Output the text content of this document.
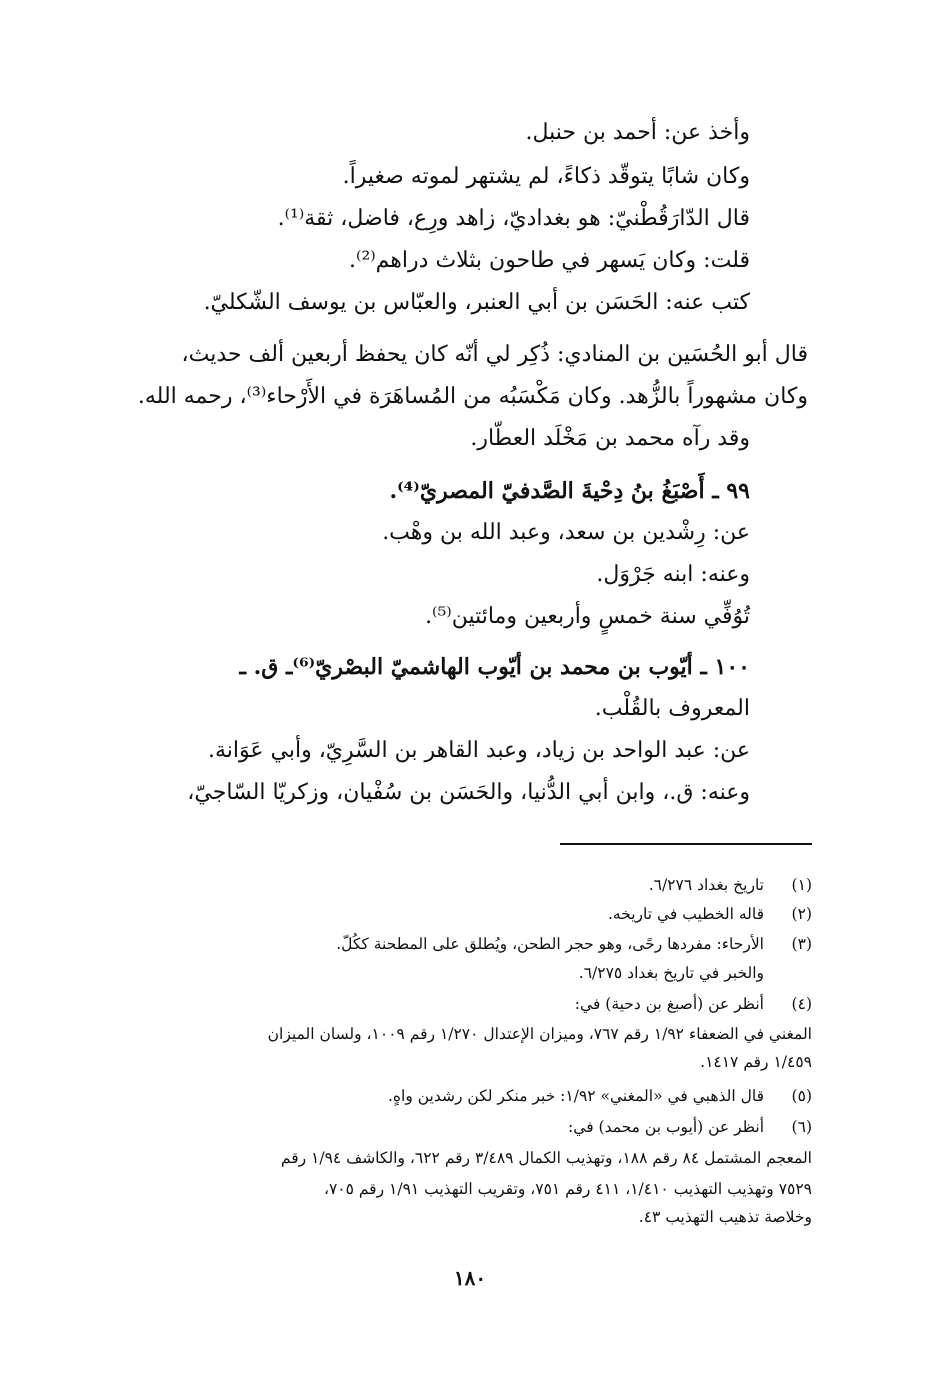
وأخذ عن: أحمد بن حنبل.
وكان شابًا يتوقّد ذكاءً، لم يشتهر لموته صغيراً.
قال الدّارَقُطْنيّ: هو بغداديّ، زاهد ورِع، فاضل، ثقة⁽¹⁾.
قلت: وكان يَسهر في طاحون بثلاث دراهم⁽²⁾.
كتب عنه: الحَسَن بن أبي العنبر، والعبّاس بن يوسف الشّكليّ.
قال أبو الحُسَين بن المنادي: ذُكِر لي أنّه كان يحفظ أربعين ألف حديث،
وكان مشهوراً بالزُّهد. وكان مَكْسَبُه من المُساهَرَة في الأَرْحاء⁽³⁾، رحمه الله.
وقد رآه محمد بن مَخْلَد العطّار.
٩٩ ـ أَصْبَغُ بنُ دِحْيةَ الصَّدفيّ المصريّ⁽⁴⁾.
عن: رِشْدين بن سعد، وعبد الله بن وهْب.
وعنه: ابنه جَرْوَل.
تُوُفِّي سنة خمسٍ وأربعين ومائتين⁽⁵⁾.
١٠٠ ـ أيّوب بن محمد بن أيّوب الهاشميّ البصْريّ⁽⁶⁾ـ ق. ـ
المعروف بالقُلْب.
عن: عبد الواحد بن زياد، وعبد القاهر بن السَّرِيّ، وأبي عَوَانة.
وعنه: ق.، وابن أبي الدُّنيا، والحَسَن بن سُفْيان، وزكريّا السّاجيّ،
(١)
تاريخ بغداد ٦/٢٧٦.
(٢)
قاله الخطيب في تاريخه.
(٣)
الأرحاء: مفردها رحًى، وهو حجر الطحن، ويُطلق على المطحنة ككُلّ.
والخبر في تاريخ بغداد ٦/٢٧٥.
(٤)
أنظر عن (أصبغ بن دحية) في:
المغني في الضعفاء ١/٩٢ رقم ٧٦٧، وميزان الإعتدال ١/٢٧٠ رقم ١٠٠٩، ولسان الميزان
١/٤٥٩ رقم ١٤١٧.
(٥)
قال الذهبي في «المغني» ١/٩٢: خبر منكر لكن رشدين واهٍ.
(٦)
أنظر عن (أيوب بن محمد) في:
المعجم المشتمل ٨٤ رقم ١٨٨، وتهذيب الكمال ٣/٤٨٩ رقم ٦٢٢، والكاشف ١/٩٤ رقم
٧٥٢٩ وتهذيب التهذيب ١/٤١٠، ٤١١ رقم ٧٥١، وتقريب التهذيب ١/٩١ رقم ٧٠٥،
وخلاصة تذهيب التهذيب ٤٣.
١٨٠
